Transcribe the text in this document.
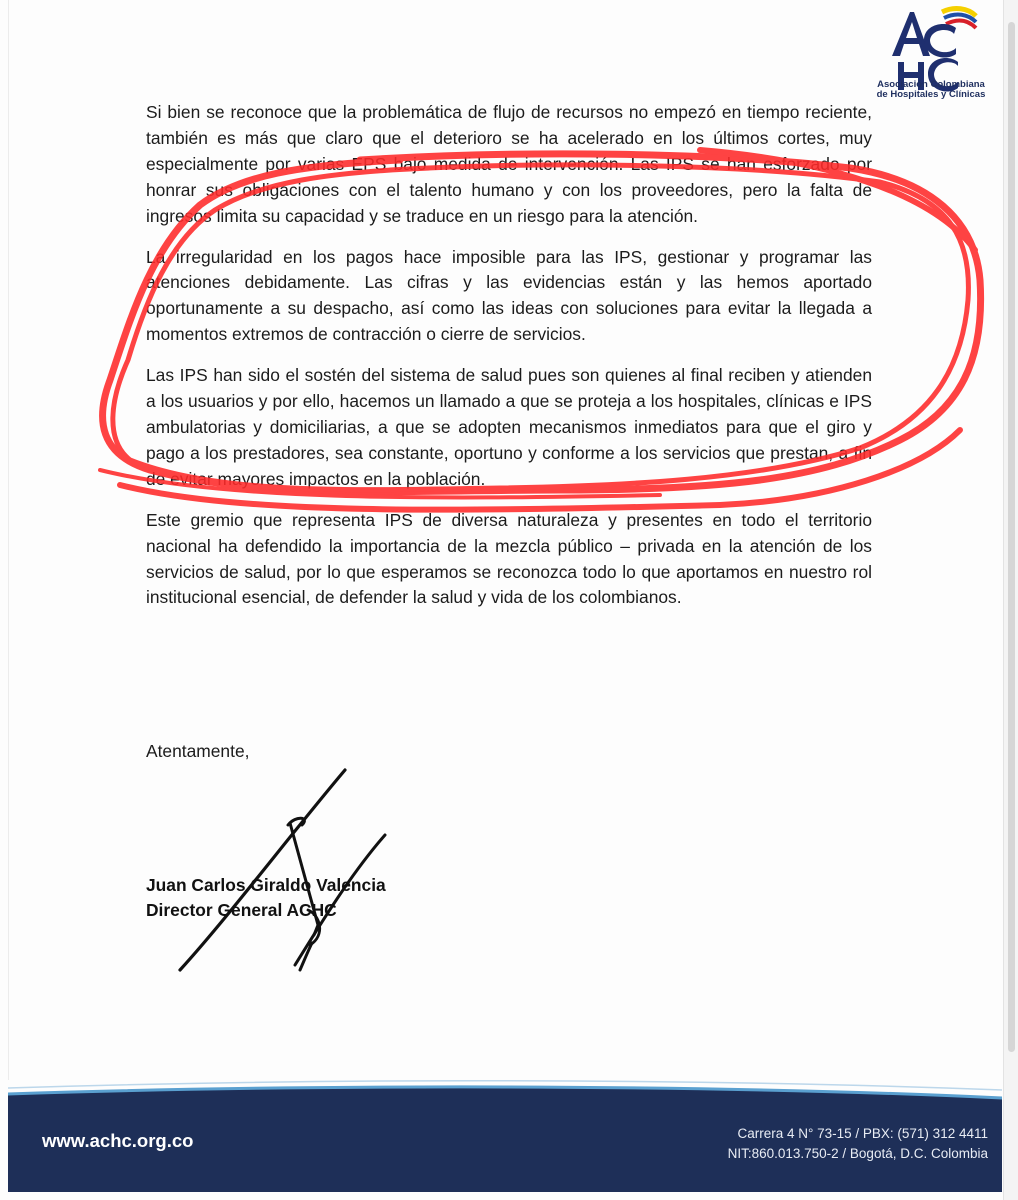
Asociación Colombiana
de Hospitales y Clínicas

Si bien se reconoce que la problemática de flujo de recursos no empezó en tiempo reciente, también es más que claro que el deterioro se ha acelerado en los últimos cortes, muy especialmente por varias EPS bajo medida de intervención. Las IPS se han esforzado por honrar sus obligaciones con el talento humano y con los proveedores, pero la falta de ingresos limita su capacidad y se traduce en un riesgo para la atención.

La irregularidad en los pagos hace imposible para las IPS, gestionar y programar las atenciones debidamente. Las cifras y las evidencias están y las hemos aportado oportunamente a su despacho, así como las ideas con soluciones para evitar la llegada a momentos extremos de contracción o cierre de servicios.

Las IPS han sido el sostén del sistema de salud pues son quienes al final reciben y atienden a los usuarios y por ello, hacemos un llamado a que se proteja a los hospitales, clínicas e IPS ambulatorias y domiciliarias, a que se adopten mecanismos inmediatos para que el giro y pago a los prestadores, sea constante, oportuno y conforme a los servicios que prestan, a fin de evitar mayores impactos en la población.

Este gremio que representa IPS de diversa naturaleza y presentes en todo el territorio nacional ha defendido la importancia de la mezcla público – privada en la atención de los servicios de salud, por lo que esperamos se reconozca todo lo que aportamos en nuestro rol institucional esencial, de defender la salud y vida de los colombianos.

Atentamente,
Juan Carlos Giraldo Valencia
Director General ACHC
www.achc.org.co	Carrera 4 N° 73-15 / PBX: (571) 312 4411
NIT:860.013.750-2 / Bogotá, D.C. Colombia
